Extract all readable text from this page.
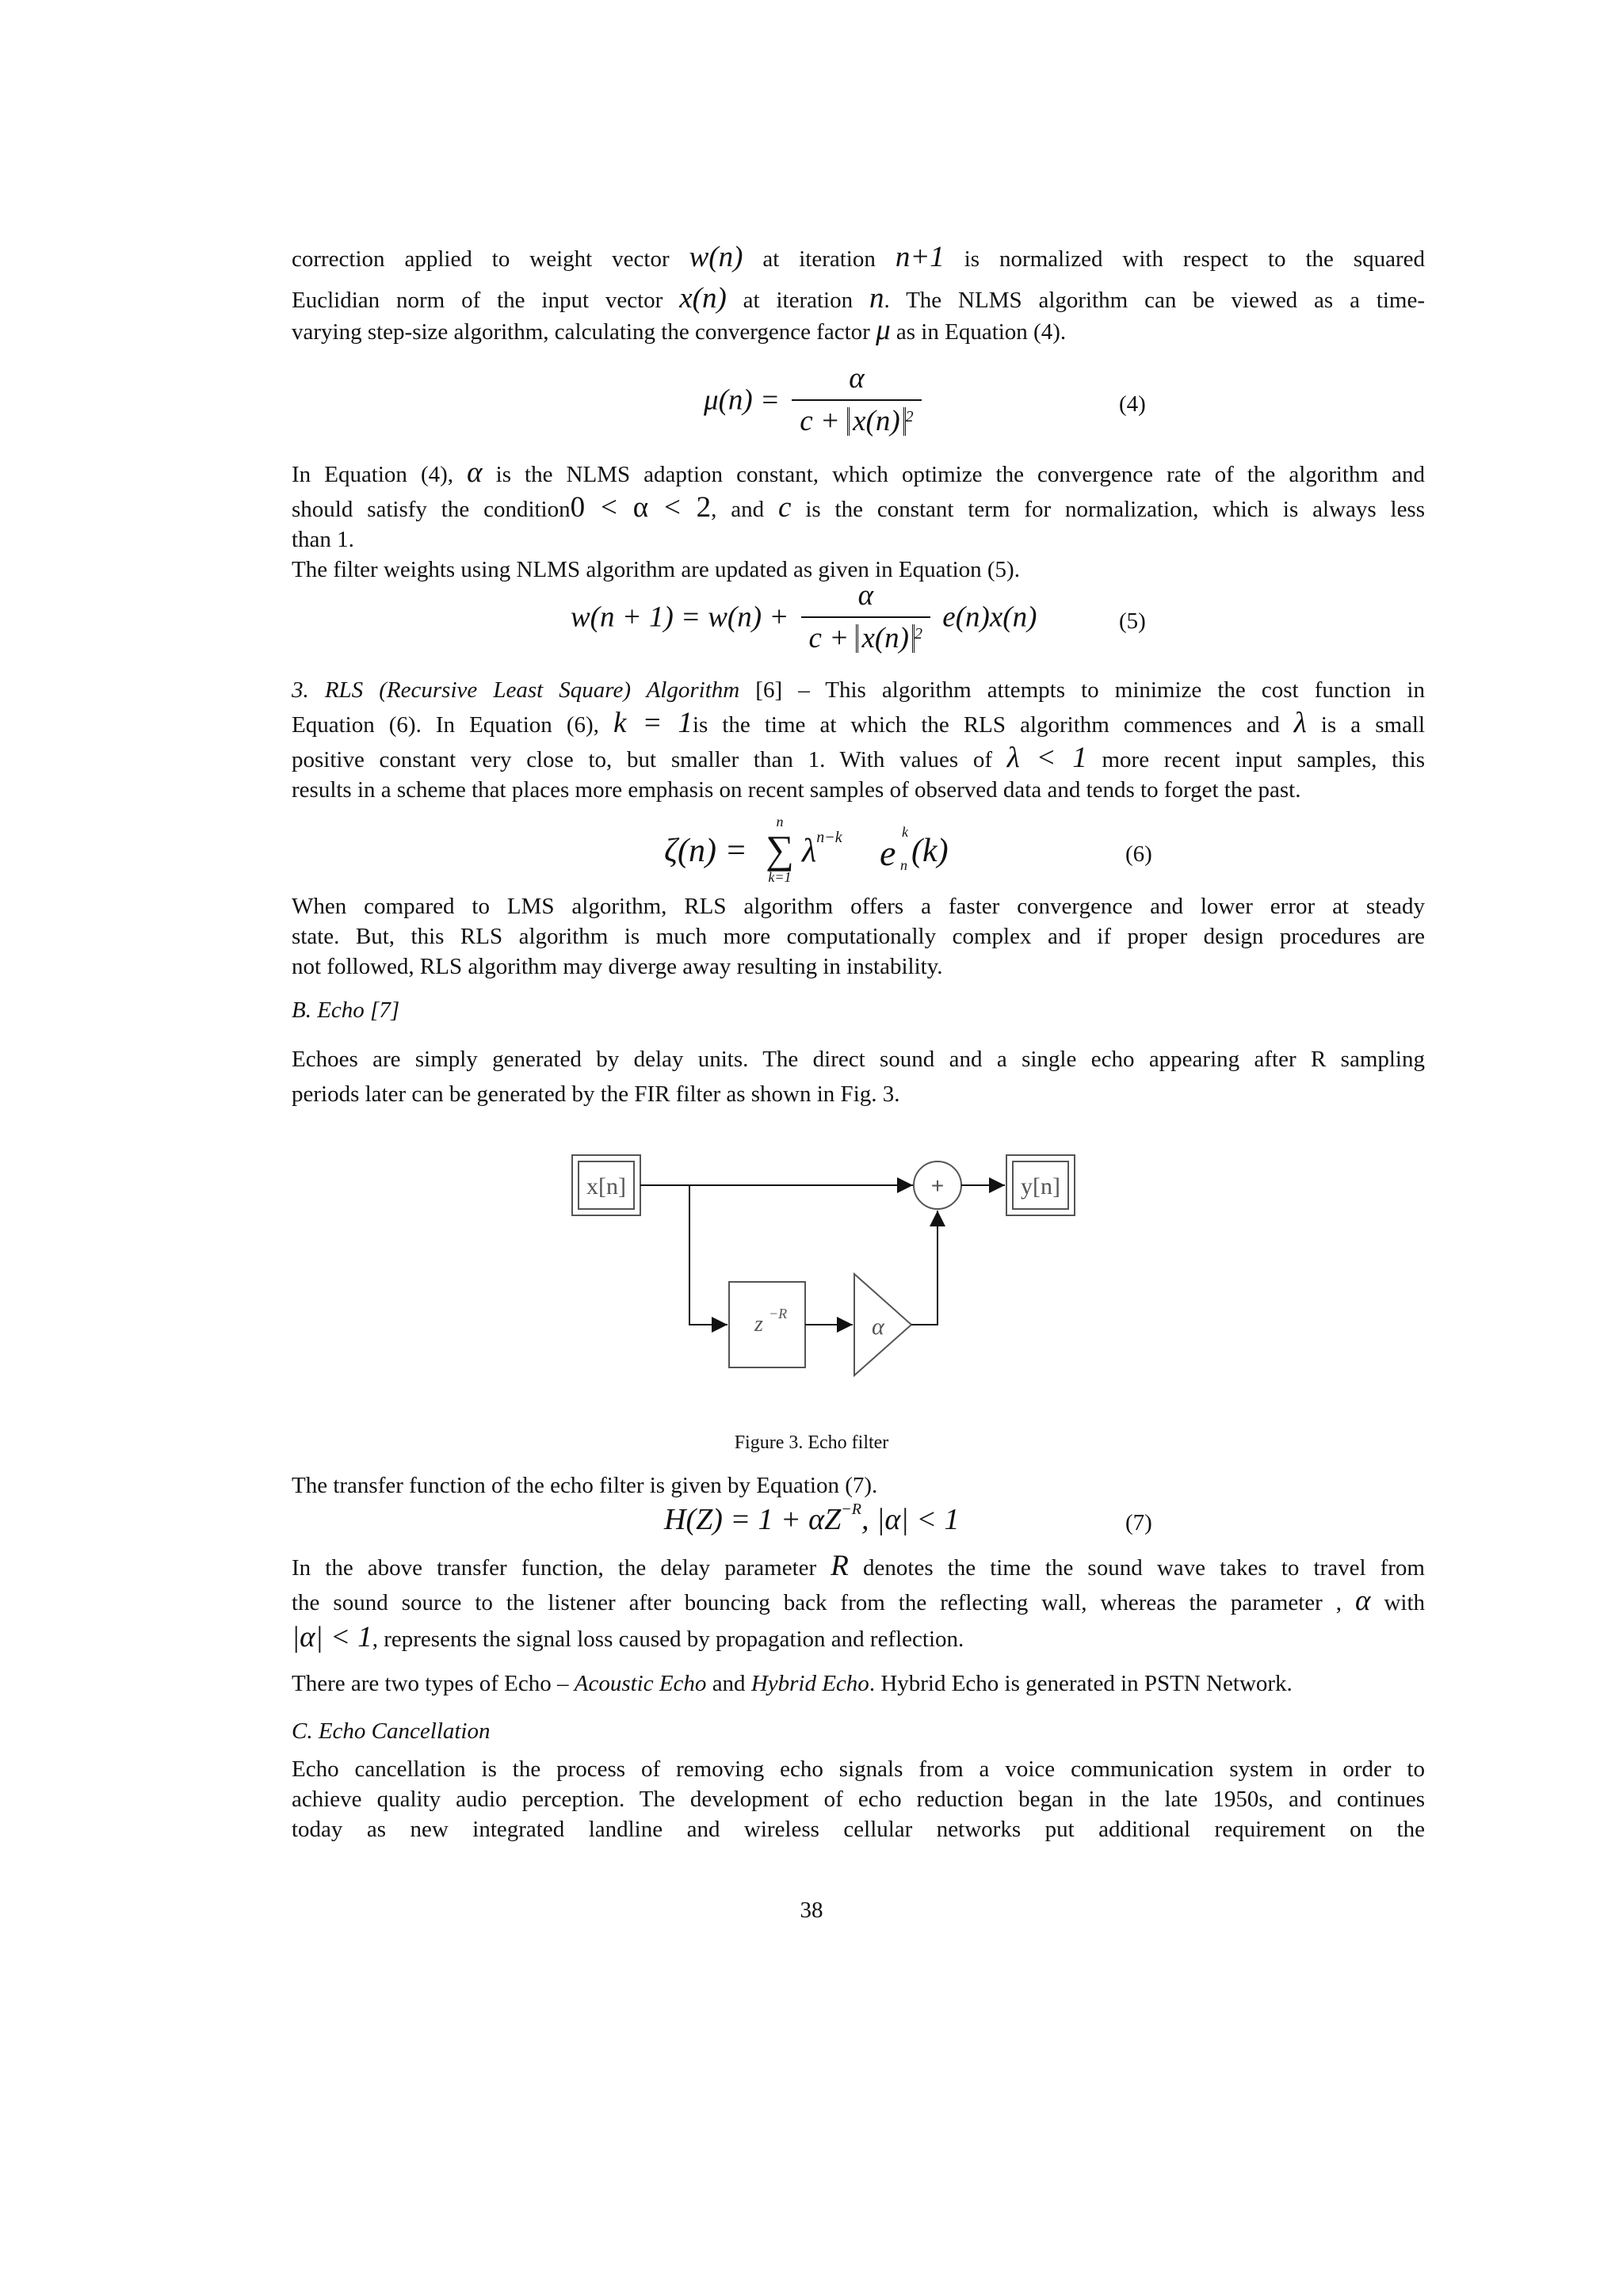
correction applied to weight vector w(n) at iteration n+1 is normalized with respect to the squared

Euclidian norm of the input vector x(n) at iteration n. The NLMS algorithm can be viewed as a time-

varying step-size algorithm, calculating the convergence factor μ as in Equation (4).

$\mu(n) = \frac{\alpha}{c + x(n) ^2}$	(4)

In Equation (4), α is the NLMS adaption constant, which optimize the convergence rate of the algorithm and

should satisfy the condition0 < α < 2, and c is the constant term for normalization, which is always less

than 1.

The filter weights using NLMS algorithm are updated as given in Equation (5).

$w(n + 1) = w(n) + \frac{\alpha}{c + x(n) ^2} e(n)x(n)$	(5)

3. RLS (Recursive Least Square) Algorithm [6] – This algorithm attempts to minimize the cost function in

Equation (6). In Equation (6), k = 1is the time at which the RLS algorithm commences and λ is a small

positive constant very close to, but smaller than 1. With values of λ < 1 more recent input samples, this

results in a scheme that places more emphasis on recent samples of observed data and tends to forget the past.

ζ(n) =
n
∑
k=1
$\lambda^{n-k}$ e
k
n (k)	(6)

When compared to LMS algorithm, RLS algorithm offers a faster convergence and lower error at steady

state. But, this RLS algorithm is much more computationally complex and if proper design procedures are

not followed, RLS algorithm may diverge away resulting in instability.

B. Echo [7]

Echoes are simply generated by delay units. The direct sound and a single echo appearing after R sampling

periods later can be generated by the FIR filter as shown in Fig. 3.

x[n]	y[n]
+
z −R	α
Figure 3. Echo filter
The transfer function of the echo filter is given by Equation (7).
$H(Z) = 1 + \alpha Z^{-R}$, |α| < 1	(7)

In the above transfer function, the delay parameter R denotes the time the sound wave takes to travel from

the sound source to the listener after bouncing back from the reflecting wall, whereas the parameter , α with

|α| < 1, represents the signal loss caused by propagation and reflection.

There are two types of Echo – Acoustic Echo and Hybrid Echo. Hybrid Echo is generated in PSTN Network.
C. Echo Cancellation

Echo cancellation is the process of removing echo signals from a voice communication system in order to

achieve quality audio perception. The development of echo reduction began in the late 1950s, and continues

today   as   new   integrated   landline   and   wireless   cellular   networks   put   additional   requirement   on   the

38
